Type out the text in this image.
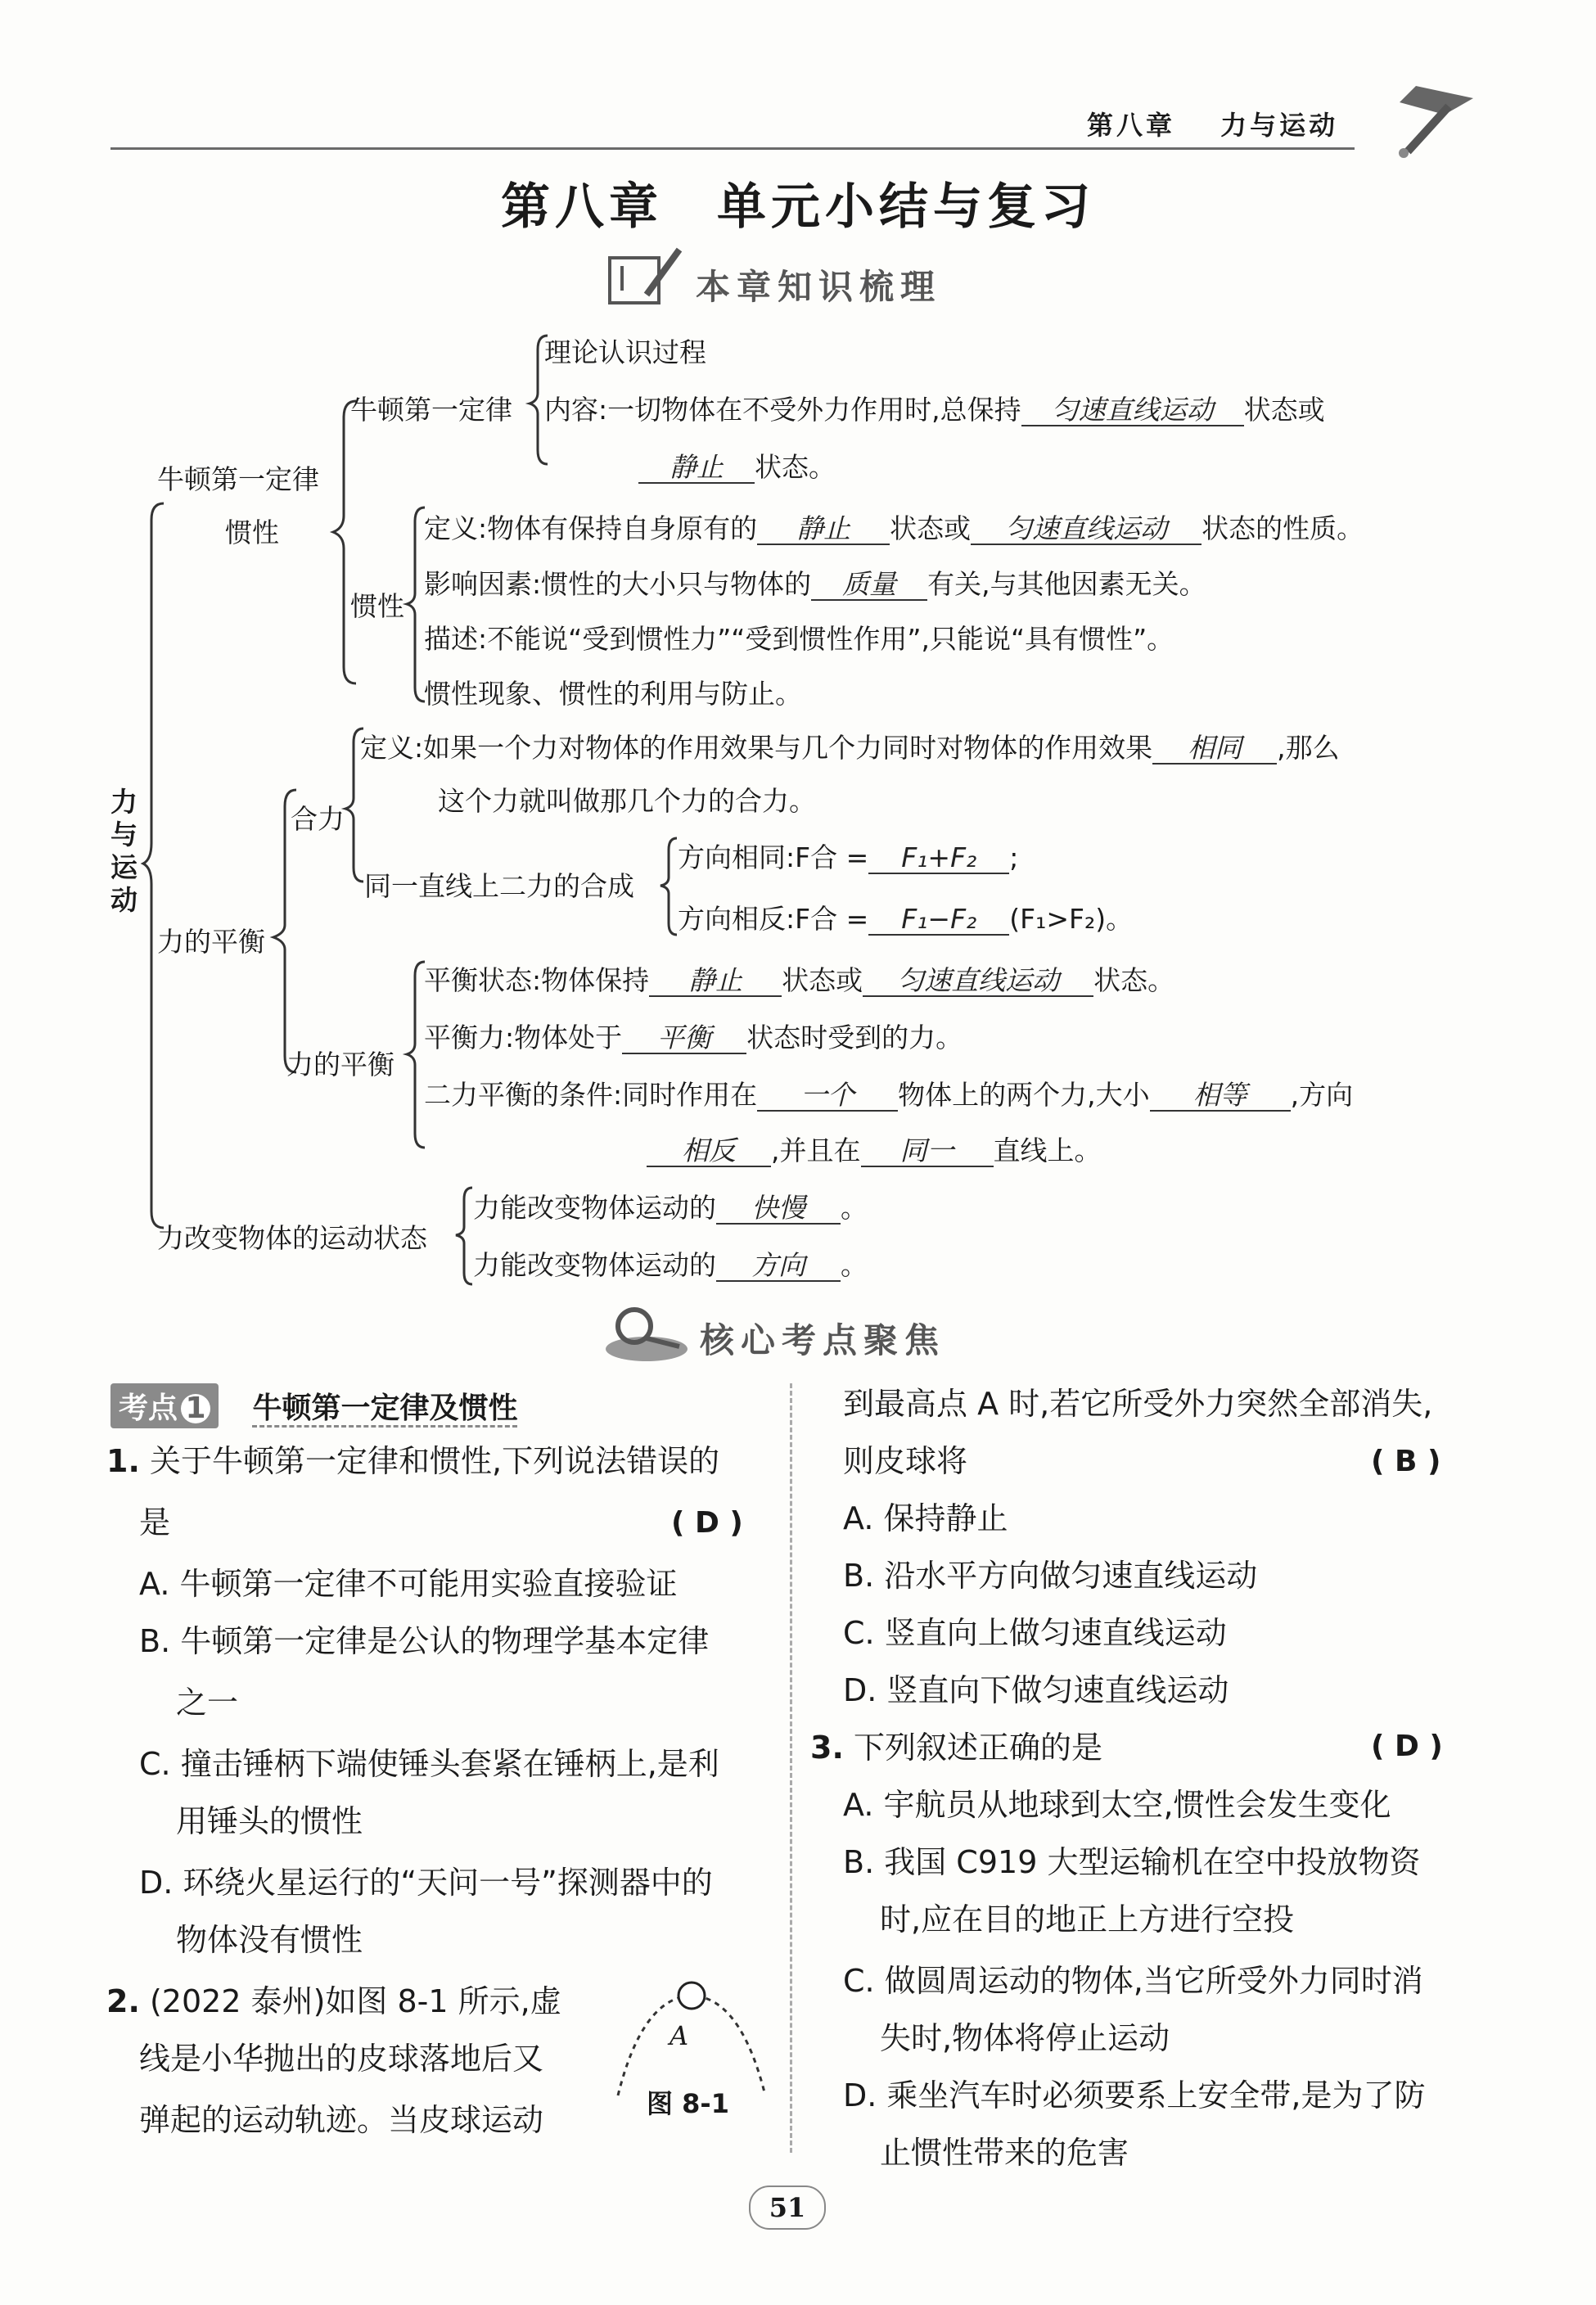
第八章 力与运动
第八章　单元小结与复习
本章知识梳理
力与运动
牛顿第一定律
惯性
牛顿第一定律
理论认识过程
内容:一切物体在不受外力作用时,总保持 匀速直线运动 状态或
静止 状态。
惯性
定义:物体有保持自身原有的 静止 状态或 匀速直线运动 状态的性质。
影响因素:惯性的大小只与物体的 质量 有关,与其他因素无关。
描述:不能说“受到惯性力”“受到惯性作用”,只能说“具有惯性”。
惯性现象、惯性的利用与防止。
力的平衡
合力
定义:如果一个力对物体的作用效果与几个力同时对物体的作用效果 相同 ,那么
这个力就叫做那几个力的合力。
同一直线上二力的合成
方向相同:F合 = F₁+F₂ ;
方向相反:F合 = F₁−F₂ (F₁>F₂)。
力的平衡
平衡状态:物体保持 静止 状态或 匀速直线运动 状态。
平衡力:物体处于 平衡 状态时受到的力。
二力平衡的条件:同时作用在 一个 物体上的两个力,大小 相等 ,方向
相反 ,并且在 同一 直线上。
力改变物体的运动状态
力能改变物体运动的 快慢 。
力能改变物体运动的 方向 。
核心考点聚焦
考点 1 牛顿第一定律及惯性
1. 关于牛顿第一定律和惯性,下列说法错误的
是	( D )
A. 牛顿第一定律不可能用实验直接验证
B. 牛顿第一定律是公认的物理学基本定律
之一
C. 撞击锤柄下端使锤头套紧在锤柄上,是利
用锤头的惯性
D. 环绕火星运行的“天问一号”探测器中的
物体没有惯性
2. (2022 泰州)如图 8-1 所示,虚
线是小华抛出的皮球落地后又
弹起的运动轨迹。当皮球运动
A
图 8-1
到最高点 A 时,若它所受外力突然全部消失,
则皮球将	( B )
A. 保持静止
B. 沿水平方向做匀速直线运动
C. 竖直向上做匀速直线运动
D. 竖直向下做匀速直线运动
3. 下列叙述正确的是	( D )
A. 宇航员从地球到太空,惯性会发生变化
B. 我国 C919 大型运输机在空中投放物资
时,应在目的地正上方进行空投
C. 做圆周运动的物体,当它所受外力同时消
失时,物体将停止运动
D. 乘坐汽车时必须要系上安全带,是为了防
止惯性带来的危害
51
